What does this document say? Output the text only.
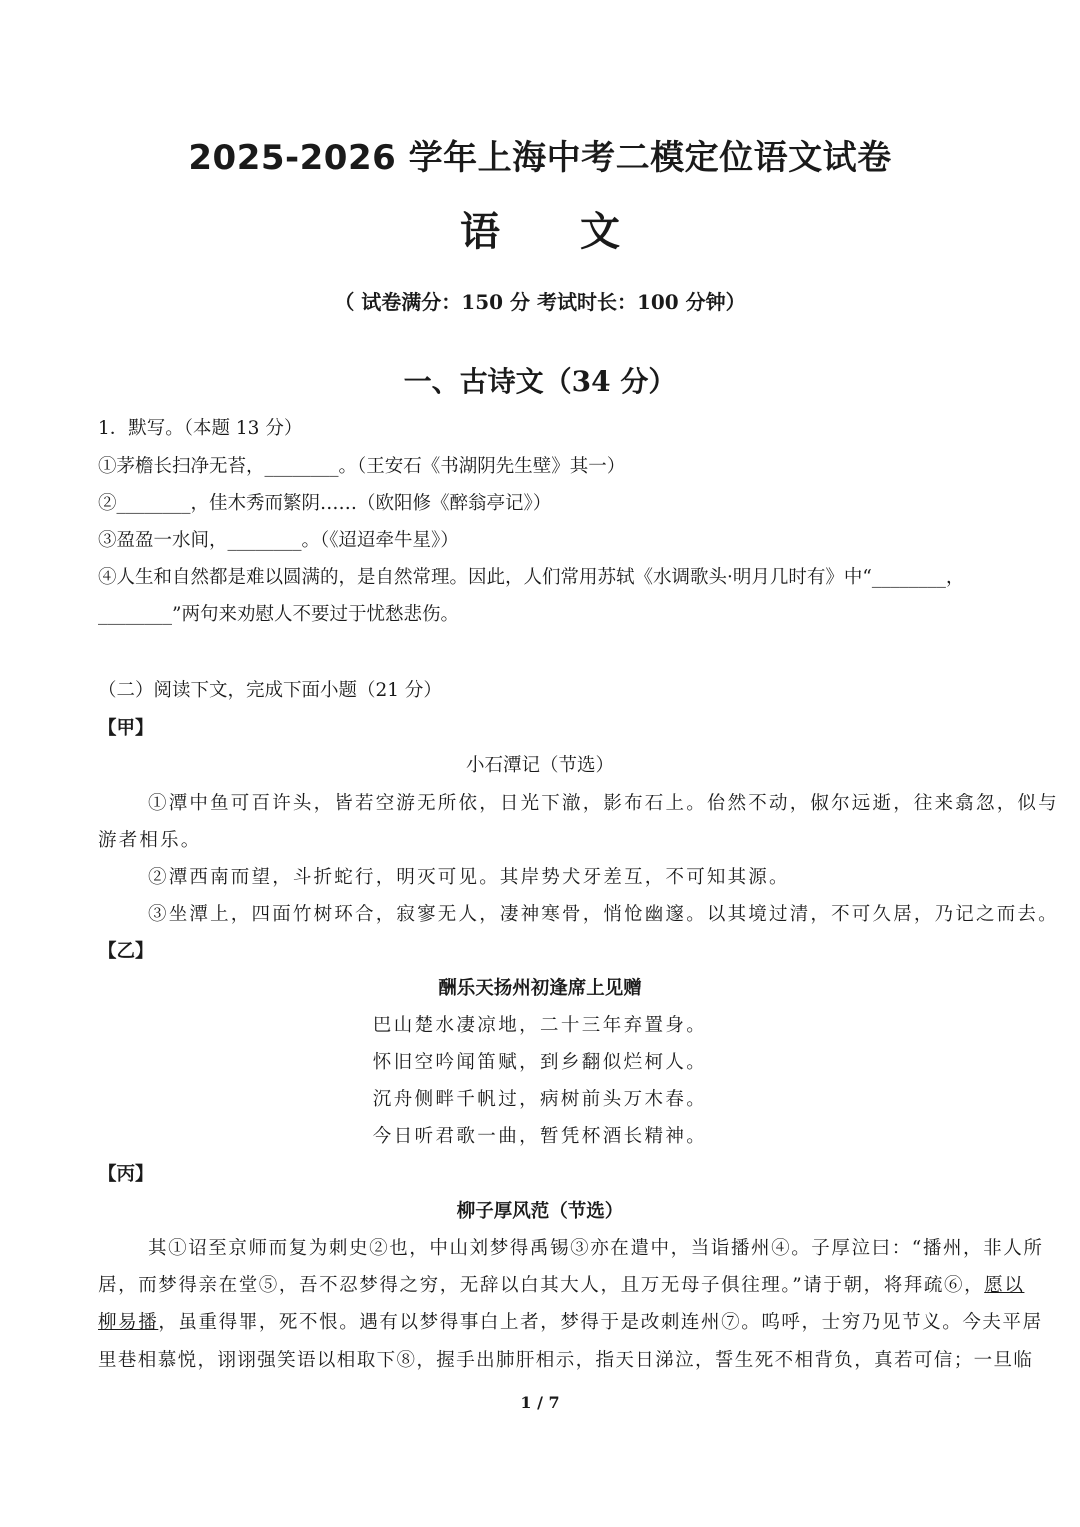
2025-2026 学年上海中考二模定位语文试卷
语文
（ 试卷满分：150 分 考试时长：100 分钟）
一、古诗文（34 分）
1．默写。（本题 13 分）
①茅檐长扫净无苔，________。（王安石《书湖阴先生壁》其一）
②________，佳木秀而繁阴……（欧阳修《醉翁亭记》）
③盈盈一水间，________。（《迢迢牵牛星》）
④人生和自然都是难以圆满的，是自然常理。因此，人们常用苏轼《水调歌头·明月几时有》中“________，
________”两句来劝慰人不要过于忧愁悲伤。
（二）阅读下文，完成下面小题（21 分）
【甲】
小石潭记（节选）
①潭中鱼可百许头，皆若空游无所依，日光下澈，影布石上。佁然不动，俶尔远逝，往来翕忽，似与
游者相乐。
②潭西南而望，斗折蛇行，明灭可见。其岸势犬牙差互，不可知其源。
③坐潭上，四面竹树环合，寂寥无人，凄神寒骨，悄怆幽邃。以其境过清，不可久居，乃记之而去。
【乙】
酬乐天扬州初逢席上见赠
巴山楚水凄凉地，二十三年弃置身。
怀旧空吟闻笛赋，到乡翻似烂柯人。
沉舟侧畔千帆过，病树前头万木春。
今日听君歌一曲，暂凭杯酒长精神。
【丙】
柳子厚风范（节选）
其①诏至京师而复为刺史②也，中山刘梦得禹锡③亦在遣中，当诣播州④。子厚泣曰：“播州，非人所
居，而梦得亲在堂⑤，吾不忍梦得之穷，无辞以白其大人，且万无母子俱往理。”请于朝，将拜疏⑥，愿以
柳易播，虽重得罪，死不恨。遇有以梦得事白上者，梦得于是改刺连州⑦。呜呼，士穷乃见节义。今夫平居
里巷相慕悦，诩诩强笑语以相取下⑧，握手出肺肝相示，指天日涕泣，誓生死不相背负，真若可信；一旦临
1 / 7
